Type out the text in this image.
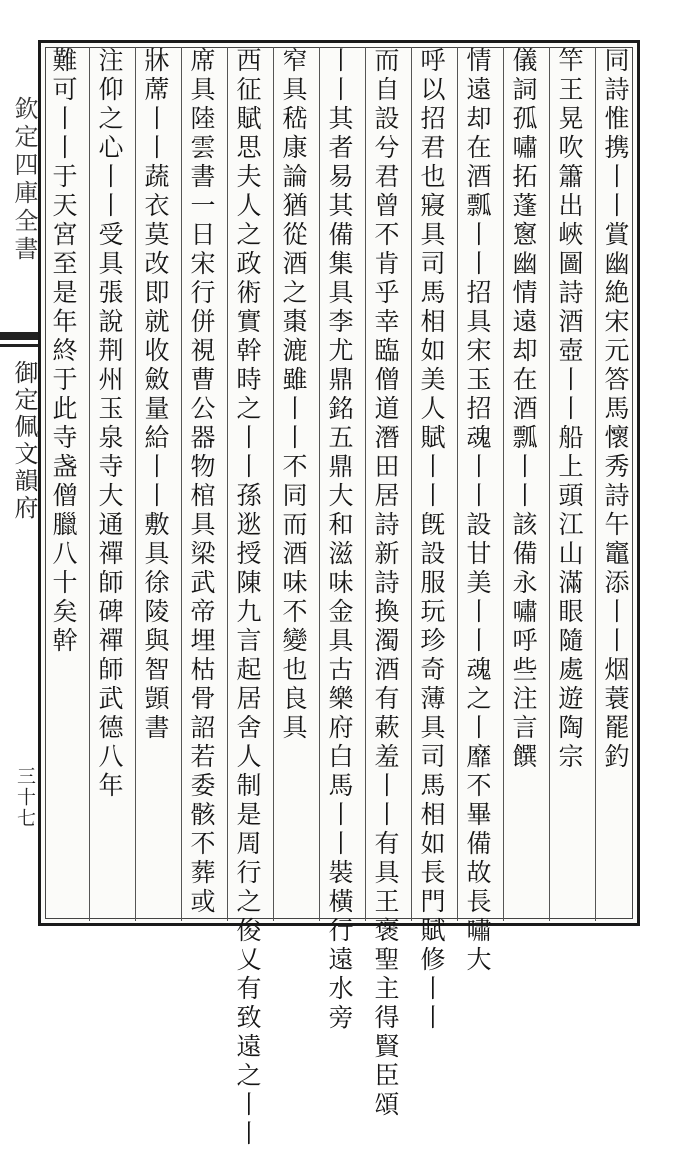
欽定四庫全書
御定佩文韻府
三十七
同詩惟携丨丨賞幽絶宋元答馬懷秀詩午竈添丨丨烟蓑罷釣
竿王晃吹簫出峽圖詩酒壺丨丨船上頭江山滿眼隨處遊陶宗
儀詞孤嘯拓蓬窻幽情遠却在酒瓢丨丨該備永嘯呼些注言饌
情遠却在酒瓢丨丨招具宋玉招魂丨丨設甘美丨丨魂之丨靡不畢備故長嘯大
呼以招君也寢具司馬相如美人賦丨丨旣設服玩珍奇薄具司馬相如長門賦修丨丨
而自設兮君曾不肯乎幸臨僧道潛田居詩新詩換濁酒有蔌羞丨丨有具王褒聖主得賢臣頌
丨丨其者易其備集具李尤鼎銘五鼎大和滋味金具古樂府白馬丨丨裝橫行遠水旁
窄具嵇康論猶從酒之棗漉雖丨丨不同而酒味不變也良具
西征賦思夫人之政術實幹時之丨丨孫逖授陳九言起居舍人制是周行之俊乂有致遠之丨丨
席具陸雲書一日宋行併視曹公器物棺具梁武帝埋枯骨詔若委骸不葬或
牀蓆丨丨蔬衣莫改即就收斂量給丨丨敷具徐陵與智顗書
注仰之心丨丨受具張說荆州玉泉寺大通禪師碑禪師武德八年
難可丨丨于天宮至是年終于此寺盏僧臘八十矣幹
